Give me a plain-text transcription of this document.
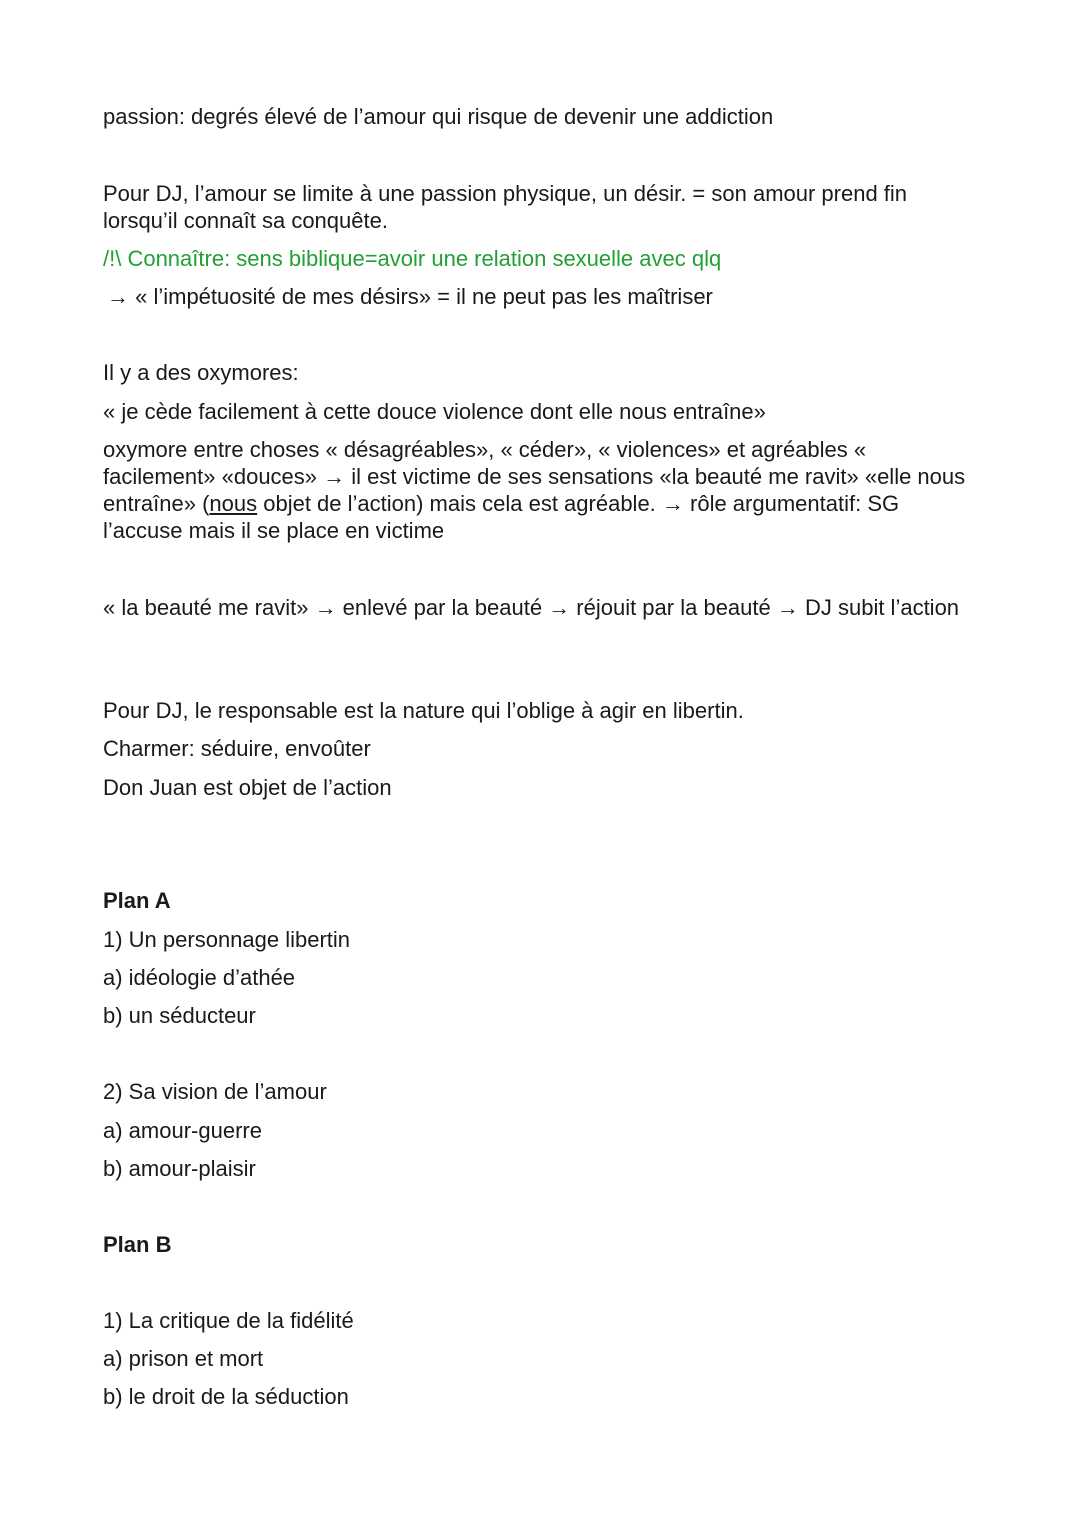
passion: degrés élevé de l’amour qui risque de devenir une addiction

Pour DJ, l’amour se limite à une passion physique, un désir. = son amour prend fin lorsqu’il connaît sa conquête.

/!\ Connaître: sens biblique=avoir une relation sexuelle avec qlq

→ « l’impétuosité de mes désirs» = il ne peut pas les maîtriser

Il y a des oxymores:

« je cède facilement à cette douce violence dont elle nous entraîne»

oxymore entre choses « désagréables», « céder», « violences» et agréables « facilement» «douces» → il est victime de ses sensations «la beauté me ravit» «elle nous entraîne» (nous objet de l’action) mais cela est agréable. → rôle argumentatif: SG l’accuse mais il se place en victime

« la beauté me ravit» → enlevé par la beauté → réjouit par la beauté → DJ subit l’action

Pour DJ, le responsable est la nature qui l’oblige à agir en libertin.

Charmer: séduire, envoûter

Don Juan est objet de l’action

Plan A

1) Un personnage libertin

a) idéologie d’athée

b) un séducteur

2) Sa vision de l’amour

a) amour-guerre

b) amour-plaisir

Plan B

1) La critique de la fidélité

a) prison et mort

b) le droit de la séduction
